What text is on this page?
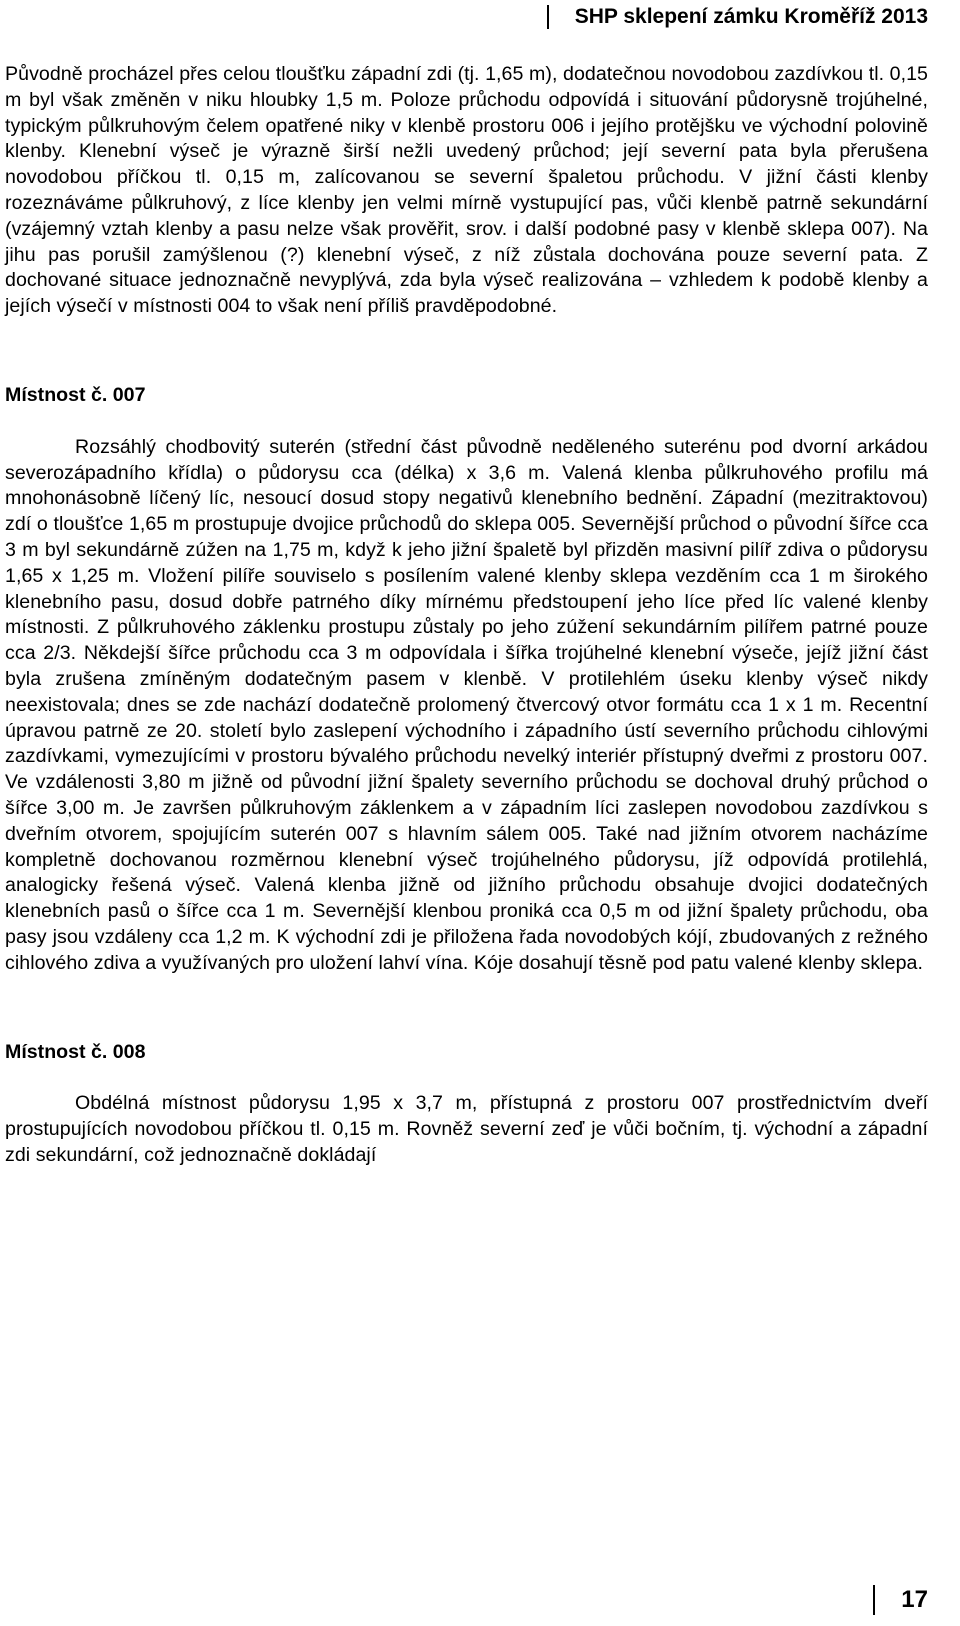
SHP sklepení zámku Kroměříž 2013

Původně procházel přes celou tloušťku západní zdi (tj. 1,65 m), dodatečnou novodobou zazdívkou tl. 0,15 m byl však změněn v niku hloubky 1,5 m. Poloze průchodu odpovídá i situování půdorysně trojúhelné, typickým půlkruhovým čelem opatřené niky v klenbě prostoru 006 i jejího protějšku ve východní polovině klenby. Klenební výseč je výrazně širší nežli uvedený průchod; její severní pata byla přerušena novodobou příčkou tl. 0,15 m, zalícovanou se severní špaletou průchodu. V jižní části klenby rozeznáváme půlkruhový, z líce klenby jen velmi mírně vystupující pas, vůči klenbě patrně sekundární (vzájemný vztah klenby a pasu nelze však prověřit, srov. i další podobné pasy v klenbě sklepa 007). Na jihu pas porušil zamýšlenou (?) klenební výseč, z níž zůstala dochována pouze severní pata. Z dochované situace jednoznačně nevyplývá, zda byla výseč realizována – vzhledem k podobě klenby a jejích výsečí v místnosti 004 to však není příliš pravděpodobné.

Místnost č. 007

Rozsáhlý chodbovitý suterén (střední část původně neděleného suterénu pod dvorní arkádou severozápadního křídla) o půdorysu cca (délka) x 3,6 m. Valená klenba půlkruhového profilu má mnohonásobně líčený líc, nesoucí dosud stopy negativů klenebního bednění. Západní (mezitraktovou) zdí o tloušťce 1,65 m prostupuje dvojice průchodů do sklepa 005. Severnější průchod o původní šířce cca 3 m byl sekundárně zúžen na 1,75 m, když k jeho jižní špaletě byl přizděn masivní pilíř zdiva o půdorysu 1,65 x 1,25 m. Vložení pilíře souviselo s posílením valené klenby sklepa vezděním cca 1 m širokého klenebního pasu, dosud dobře patrného díky mírnému předstoupení jeho líce před líc valené klenby místnosti. Z půlkruhového záklenku prostupu zůstaly po jeho zúžení sekundárním pilířem patrné pouze cca 2/3. Někdejší šířce průchodu cca 3 m odpovídala i šířka trojúhelné klenební výseče, jejíž jižní část byla zrušena zmíněným dodatečným pasem v klenbě. V protilehlém úseku klenby výseč nikdy neexistovala; dnes se zde nachází dodatečně prolomený čtvercový otvor formátu cca 1 x 1 m. Recentní úpravou patrně ze 20. století bylo zaslepení východního i západního ústí severního průchodu cihlovými zazdívkami, vymezujícími v prostoru bývalého průchodu nevelký interiér přístupný dveřmi z prostoru 007. Ve vzdálenosti 3,80 m jižně od původní jižní špalety severního průchodu se dochoval druhý průchod o šířce 3,00 m. Je završen půlkruhovým záklenkem a v západním líci zaslepen novodobou zazdívkou s dveřním otvorem, spojujícím suterén 007 s hlavním sálem 005. Také nad jižním otvorem nacházíme kompletně dochovanou rozměrnou klenební výseč trojúhelného půdorysu, jíž odpovídá protilehlá, analogicky řešená výseč. Valená klenba jižně od jižního průchodu obsahuje dvojici dodatečných klenebních pasů o šířce cca 1 m. Severnější klenbou proniká cca 0,5 m od jižní špalety průchodu, oba pasy jsou vzdáleny cca 1,2 m. K východní zdi je přiložena řada novodobých kójí, zbudovaných z režného cihlového zdiva a využívaných pro uložení lahví vína. Kóje dosahují těsně pod patu valené klenby sklepa.

Místnost č. 008

Obdélná místnost půdorysu 1,95 x 3,7 m, přístupná z prostoru 007 prostřednictvím dveří prostupujících novodobou příčkou tl. 0,15 m. Rovněž severní zeď je vůči bočním, tj. východní a západní zdi sekundární, což jednoznačně dokládají

17
